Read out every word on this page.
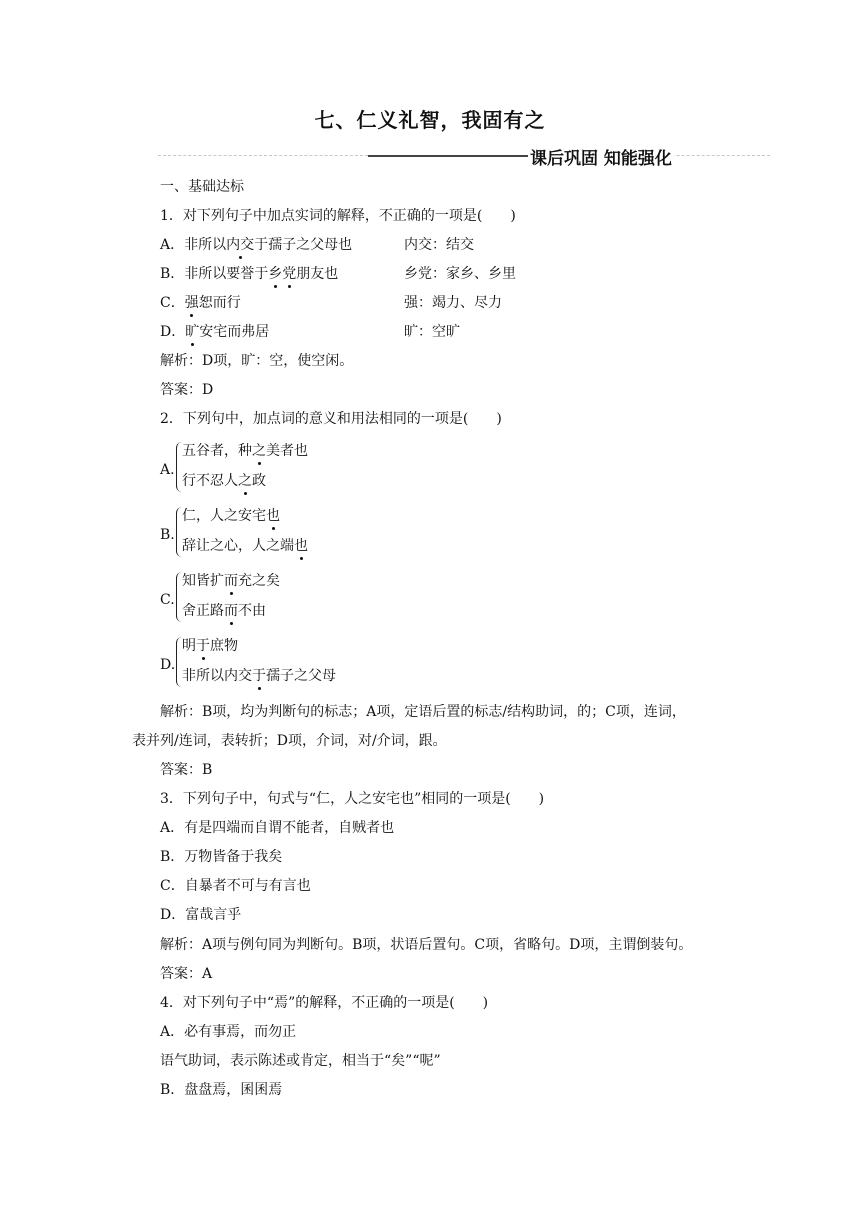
七、仁义礼智，我固有之
课后巩固 知能强化
一、基础达标
1．对下列句子中加点实词的解释，不正确的一项是(　　)
A．非所以内交于孺子之父母也	内交：结交
B．非所以要誉于乡党朋友也	乡党：家乡、乡里
C．强恕而行	强：竭力、尽力
D．旷安宅而弗居	旷：空旷
解析：D项，旷：空，使空闲。
答案：D
2．下列句中，加点词的意义和用法相同的一项是(　　)
A.
五谷者，种之美者也
行不忍人之政
B.
仁，人之安宅也
辞让之心，人之端也
C.
知皆扩而充之矣
舍正路而不由
D.
明于庶物
非所以内交于孺子之父母
解析：B项，均为判断句的标志；A项，定语后置的标志/结构助词，的；C项，连词，
表并列/连词，表转折；D项，介词，对/介词，跟。
答案：B
3．下列句子中，句式与“仁，人之安宅也”相同的一项是(　　)
A．有是四端而自谓不能者，自贼者也
B．万物皆备于我矣
C．自暴者不可与有言也
D．富哉言乎
解析：A项与例句同为判断句。B项，状语后置句。C项，省略句。D项，主谓倒装句。
答案：A
4．对下列句子中“焉”的解释，不正确的一项是(　　)
A．必有事焉，而勿正
语气助词，表示陈述或肯定，相当于“矣”“呢”
B．盘盘焉，囷囷焉
